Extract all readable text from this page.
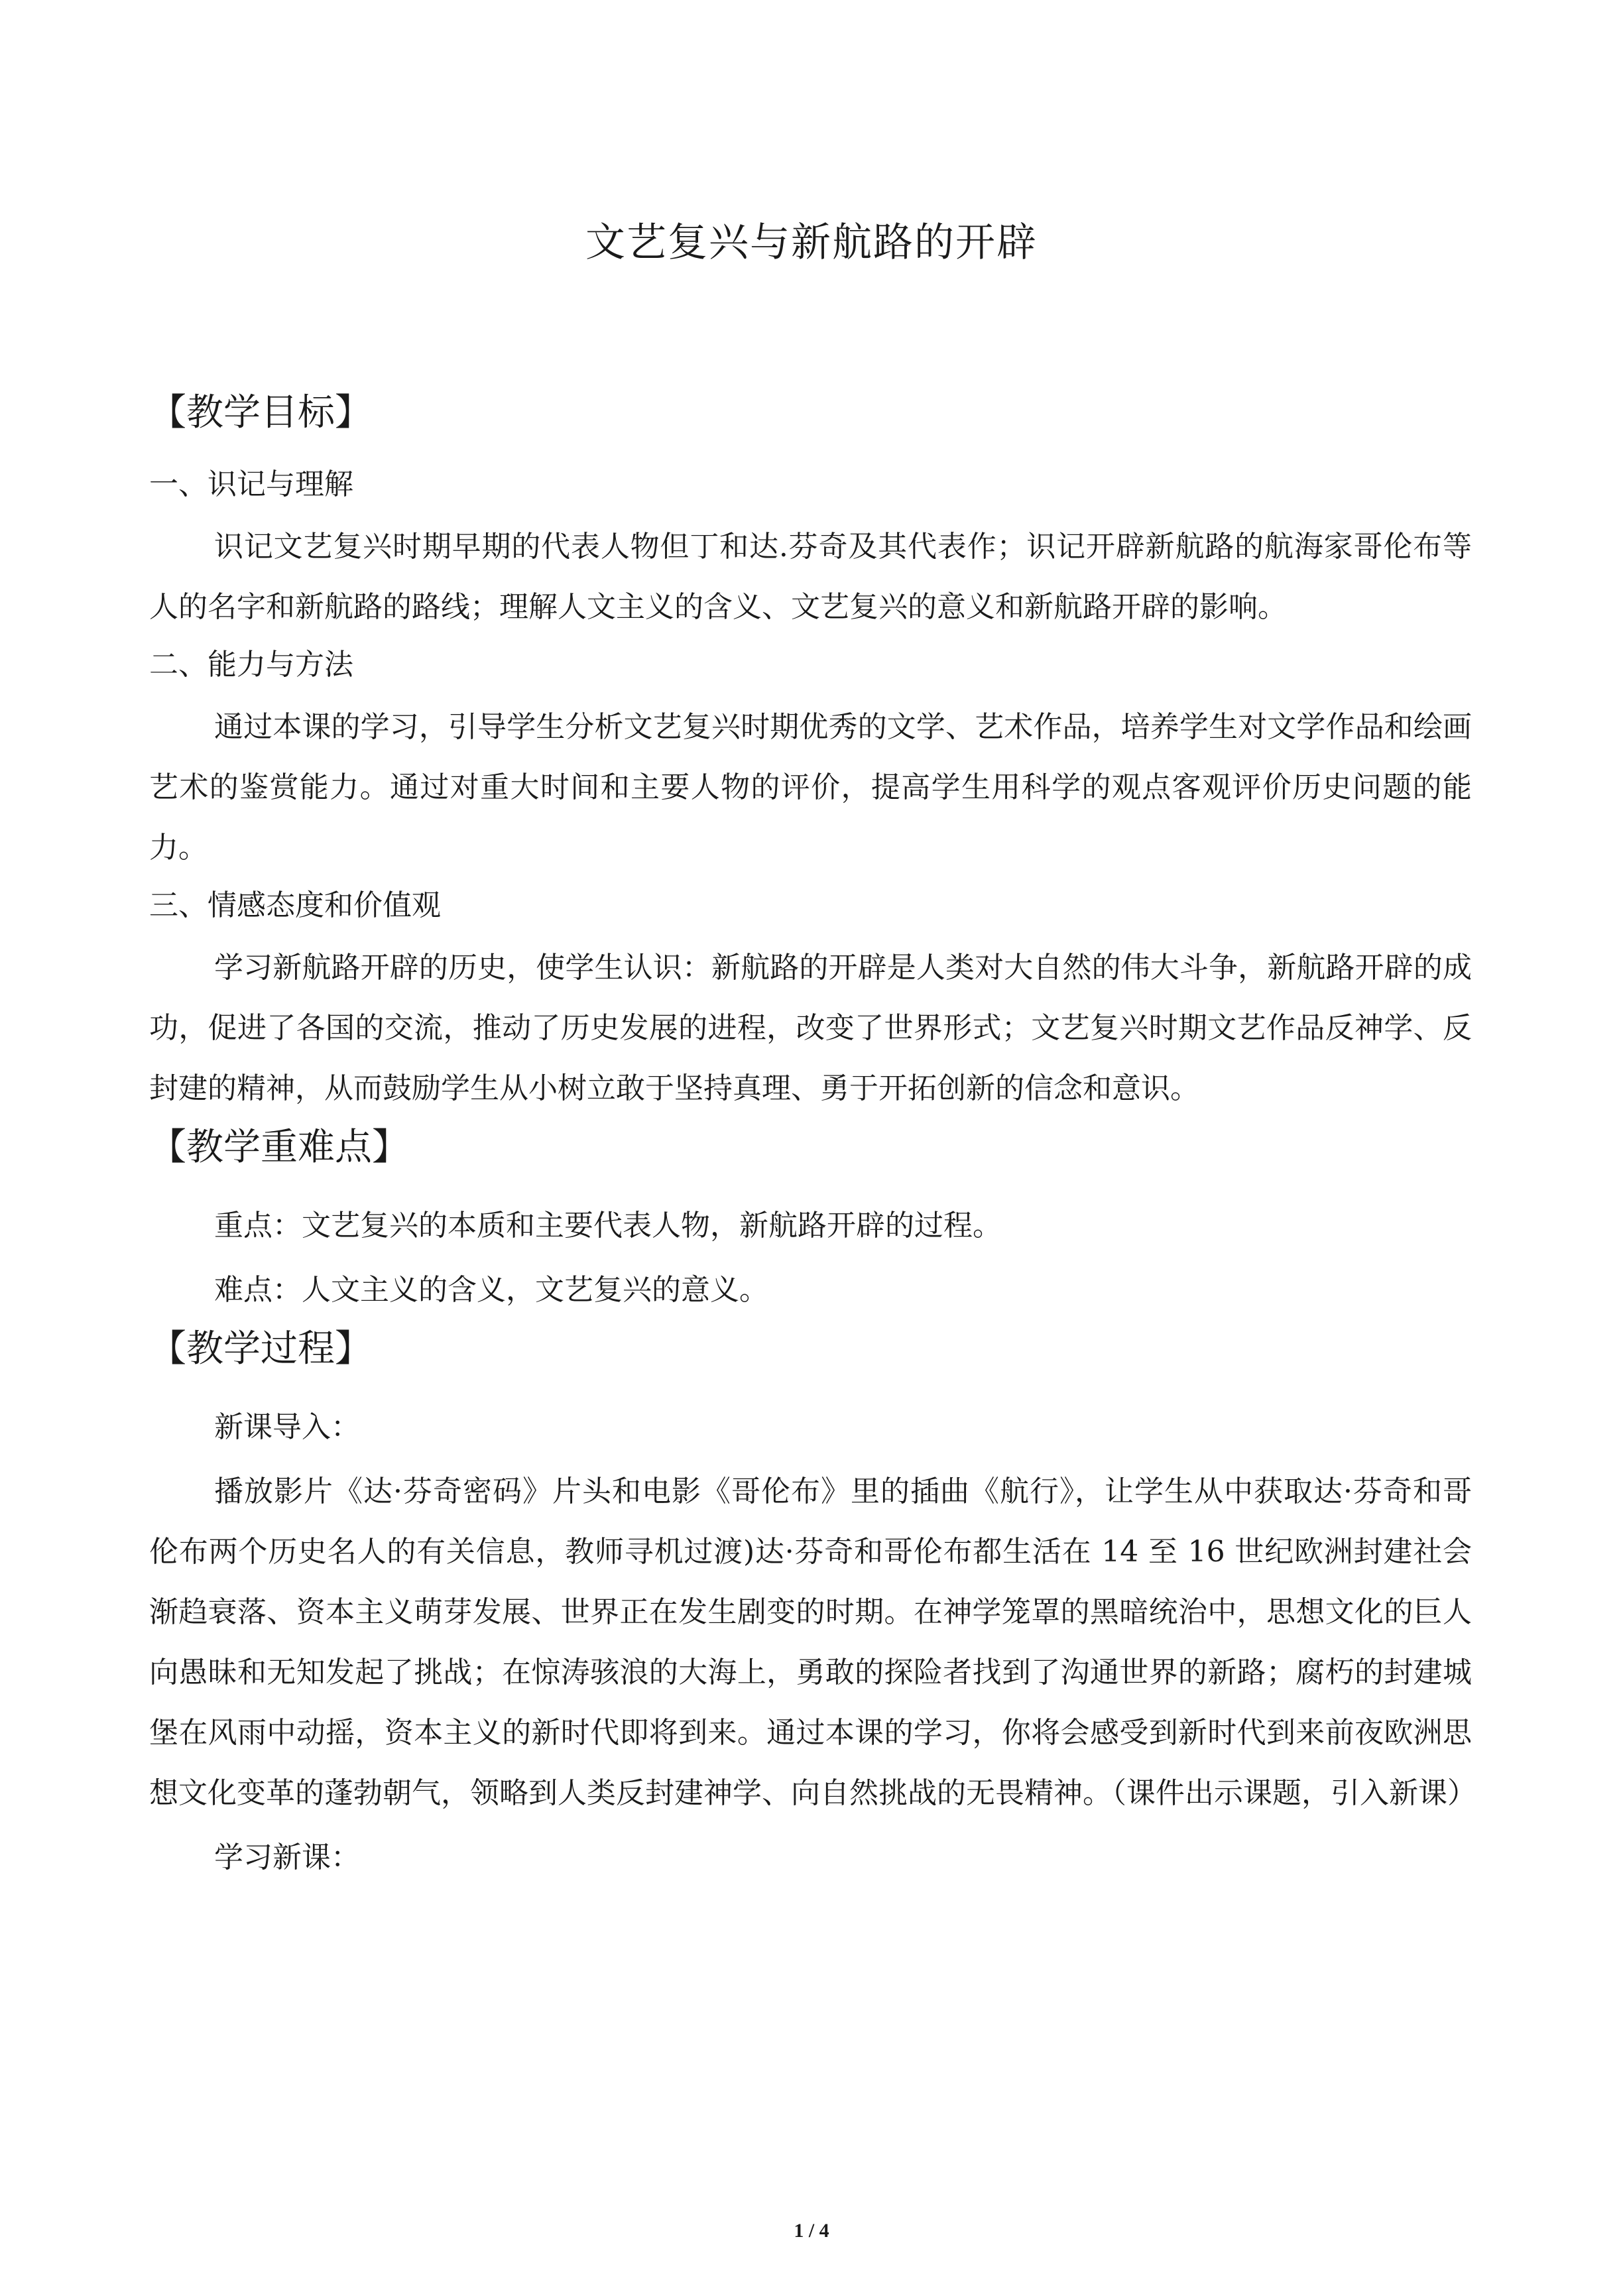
文艺复兴与新航路的开辟
【教学目标】
一、识记与理解
识记文艺复兴时期早期的代表人物但丁和达.芬奇及其代表作；识记开辟新航路的航海家哥伦布等人的名字和新航路的路线；理解人文主义的含义、文艺复兴的意义和新航路开辟的影响。
二、能力与方法
通过本课的学习，引导学生分析文艺复兴时期优秀的文学、艺术作品，培养学生对文学作品和绘画艺术的鉴赏能力。通过对重大时间和主要人物的评价，提高学生用科学的观点客观评价历史问题的能力。
三、情感态度和价值观
学习新航路开辟的历史，使学生认识：新航路的开辟是人类对大自然的伟大斗争，新航路开辟的成功，促进了各国的交流，推动了历史发展的进程，改变了世界形式；文艺复兴时期文艺作品反神学、反封建的精神，从而鼓励学生从小树立敢于坚持真理、勇于开拓创新的信念和意识。
【教学重难点】
重点：文艺复兴的本质和主要代表人物，新航路开辟的过程。
难点：人文主义的含义，文艺复兴的意义。
【教学过程】
新课导入：
播放影片《达·芬奇密码》片头和电影《哥伦布》里的插曲《航行》，让学生从中获取达·芬奇和哥伦布两个历史名人的有关信息，教师寻机过渡)达·芬奇和哥伦布都生活在 14 至 16 世纪欧洲封建社会渐趋衰落、资本主义萌芽发展、世界正在发生剧变的时期。在神学笼罩的黑暗统治中，思想文化的巨人向愚昧和无知发起了挑战；在惊涛骇浪的大海上，勇敢的探险者找到了沟通世界的新路；腐朽的封建城堡在风雨中动摇，资本主义的新时代即将到来。通过本课的学习，你将会感受到新时代到来前夜欧洲思想文化变革的蓬勃朝气，领略到人类反封建神学、向自然挑战的无畏精神。（课件出示课题，引入新课）
学习新课：
1 / 4
